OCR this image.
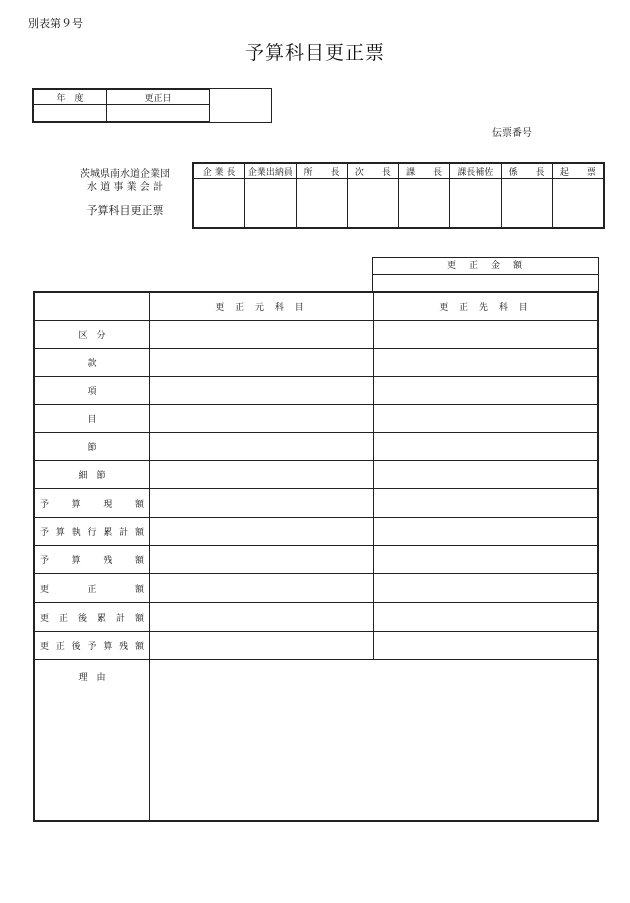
別表第９号
予算科目更正票
年　度	更正日	

伝票番号
茨城県南水道企業団
水 道 事 業 会 計
予算科目更正票
企 業 長	企業出納員	所　　長	次　　長	課　　長	課長補佐	係　　長	起　　票

更　正　金　額
	更 正 元 科 目	更 正 先 科 目
区　分		
款		
項		
目		
節		
細　節		
予算現額		
予算執行累計額		
予算残額		
更正額		
更正後累計額		
更正後予算残額		
理　由		
